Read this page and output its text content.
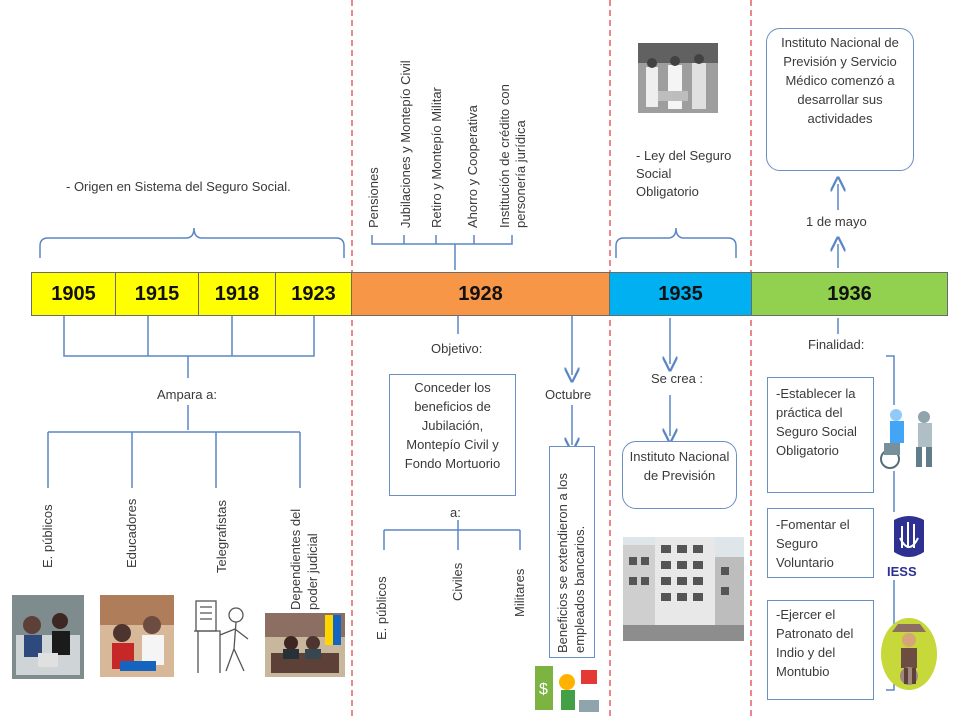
1905	1915	1918	1923	1928	1935	1936
- Origen en Sistema del Seguro Social.
Ampara a:
E. públicos	Educadores	Telegrafistas	Dependientes del poder judicial
Pensiones Jubilaciones y Montepío Civil Retiro y Montepío Militar Ahorro y Cooperativa Institución de crédito con personería jurídica
Objetivo:
Conceder los beneficios de Jubilación, Montepío Civil y Fondo Mortuorio
a:
E. públicos	Civiles	Militares
Octubre
Beneficios se extendieron a los empleados bancarios.
$
- Ley del Seguro Social Obligatorio
Se crea :
Instituto Nacional de Previsión
Instituto Nacional de Previsión y Servicio Médico comenzó a desarrollar sus actividades
1 de mayo
Finalidad:
-Establecer la práctica del Seguro Social Obligatorio
-Fomentar el Seguro Voluntario
-Ejercer el Patronato del Indio y del Montubio
IESS
